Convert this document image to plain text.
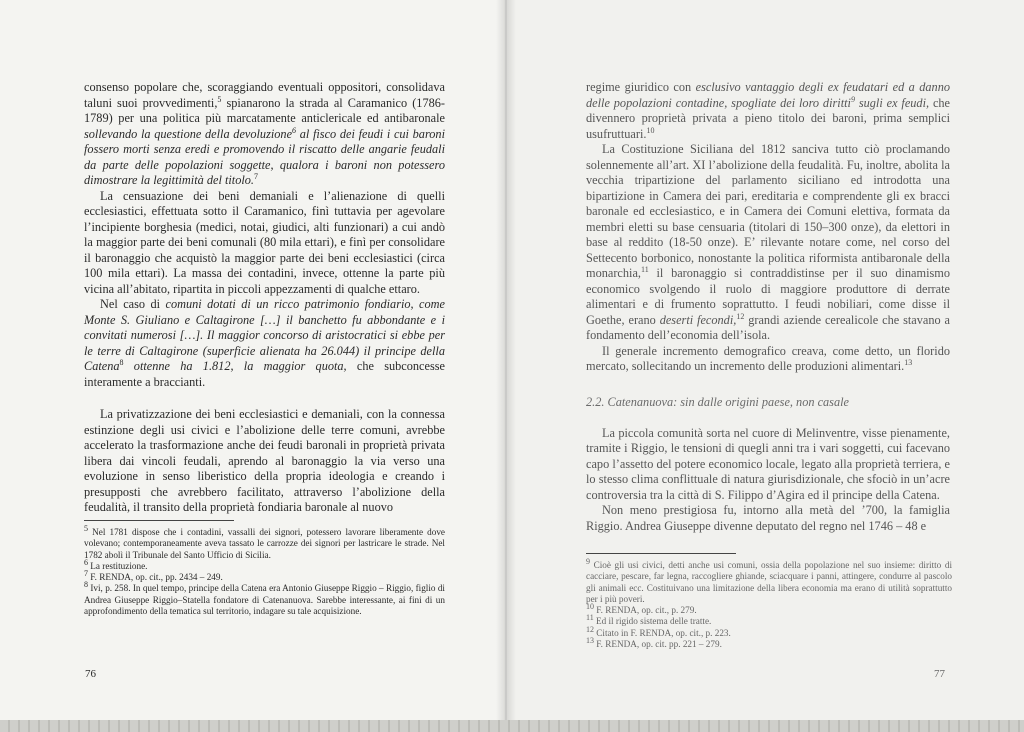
consenso popolare che, scoraggiando eventuali oppositori, consolidava taluni suoi provvedimenti,$^5$ spianarono la strada al Caramanico (1786-1789) per una politica più marcatamente anticlericale ed antibaronale sollevando la questione della devoluzione$^6$ al fisco dei feudi i cui baroni fossero morti senza eredi e promovendo il riscatto delle angarie feudali da parte delle popolazioni soggette, qualora i baroni non potessero dimostrare la legittimità del titolo.$^7$

La censuazione dei beni demaniali e l’alienazione di quelli ecclesiastici, effettuata sotto il Caramanico, finì tuttavia per agevolare l’incipiente borghesia (medici, notai, giudici, alti funzionari) a cui andò la maggior parte dei beni comunali (80 mila ettari), e finì per consolidare il baronaggio che acquistò la maggior parte dei beni ecclesiastici (circa 100 mila ettari). La massa dei contadini, invece, ottenne la parte più vicina all’abitato, ripartita in piccoli appezzamenti di qualche ettaro.

Nel caso di comuni dotati di un ricco patrimonio fondiario, come Monte S. Giuliano e Caltagirone […] il banchetto fu abbondante e i convitati numerosi […]. Il maggior concorso di aristocratici si ebbe per le terre di Caltagirone (superficie alienata ha 26.044) il principe della Catena$^8$ ottenne ha 1.812, la maggior quota, che subconcesse interamente a braccianti.

La privatizzazione dei beni ecclesiastici e demaniali, con la connessa estinzione degli usi civici e l’abolizione delle terre comuni, avrebbe accelerato la trasformazione anche dei feudi baronali in proprietà privata libera dai vincoli feudali, aprendo al baronaggio la via verso una evoluzione in senso liberistico della propria ideologia e creando i presupposti che avrebbero facilitato, attraverso l’abolizione della feudalità, il transito della proprietà fondiaria baronale al nuovo

$^5$ Nel 1781 dispose che i contadini, vassalli dei signori, potessero lavorare liberamente dove volevano; contemporaneamente aveva tassato le carrozze dei signori per lastricare le strade. Nel 1782 abolì il Tribunale del Santo Ufficio di Sicilia.

$^6$ La restituzione.

$^7$ F. RENDA, op. cit., pp. 2434 – 249.

$^8$ Ivi, p. 258. In quel tempo, principe della Catena era Antonio Giuseppe Riggio – Riggio, figlio di Andrea Giuseppe Riggio–Statella fondatore di Catenanuova. Sarebbe interessante, ai fini di un approfondimento della tematica sul territorio, indagare su tale acquisizione.

76

regime giuridico con esclusivo vantaggio degli ex feudatari ed a danno delle popolazioni contadine, spogliate dei loro diritti$^9$ sugli ex feudi, che divennero proprietà privata a pieno titolo dei baroni, prima semplici usufruttuari.$^{10}$

La Costituzione Siciliana del 1812 sanciva tutto ciò proclamando solennemente all’art. XI l’abolizione della feudalità. Fu, inoltre, abolita la vecchia tripartizione del parlamento siciliano ed introdotta una bipartizione in Camera dei pari, ereditaria e comprendente gli ex bracci baronale ed ecclesiastico, e in Camera dei Comuni elettiva, formata da membri eletti su base censuaria (titolari di 150–300 onze), da elettori in base al reddito (18-50 onze). E’ rilevante notare come, nel corso del Settecento borbonico, nonostante la politica riformista antibaronale della monarchia,$^{11}$ il baronaggio si contraddistinse per il suo dinamismo economico svolgendo il ruolo di maggiore produttore di derrate alimentari e di frumento soprattutto. I feudi nobiliari, come disse il Goethe, erano deserti fecondi,$^{12}$ grandi aziende cerealicole che stavano a fondamento dell’economia dell’isola.

Il generale incremento demografico creava, come detto, un florido mercato, sollecitando un incremento delle produzioni alimentari.$^{13}$

2.2. Catenanuova: sin dalle origini paese, non casale

La piccola comunità sorta nel cuore di Melinventre, visse pienamente, tramite i Riggio, le tensioni di quegli anni tra i vari soggetti, cui facevano capo l’assetto del potere economico locale, legato alla proprietà terriera, e lo stesso clima conflittuale di natura giurisdizionale, che sfociò in un’acre controversia tra la città di S. Filippo d’Agira ed il principe della Catena.

Non meno prestigiosa fu, intorno alla metà del ’700, la famiglia Riggio. Andrea Giuseppe divenne deputato del regno nel 1746 – 48 e

$^9$ Cioè gli usi civici, detti anche usi comuni, ossia della popolazione nel suo insieme: diritto di cacciare, pescare, far legna, raccogliere ghiande, sciacquare i panni, attingere, condurre al pascolo gli animali ecc. Costituivano una limitazione della libera economia ma erano di utilità soprattutto per i più poveri.

$^{10}$ F. RENDA, op. cit., p. 279.

$^{11}$ Ed il rigido sistema delle tratte.

$^{12}$ Citato in F. RENDA, op. cit., p. 223.

$^{13}$ F. RENDA, op. cit. pp. 221 – 279.

77
